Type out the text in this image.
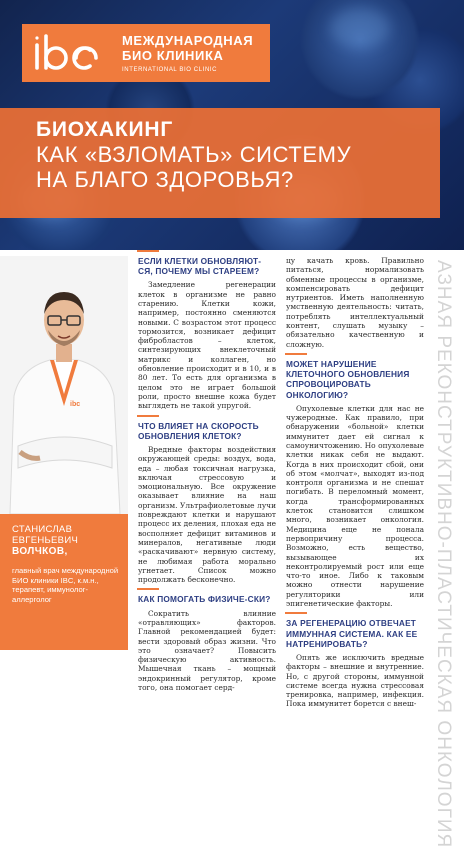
МЕЖДУНАРОДНАЯ
БИО КЛИНИКА
INTERNATIONAL BIO CLINIC
БИОХАКИНГ
КАК «ВЗЛОМАТЬ» СИСТЕМУ
НА БЛАГО ЗДОРОВЬЯ?
АЗНАЯ РЕКОНСТРУКТИВНО-ПЛАСТИЧЕСКАЯ ОНКОЛОГИЯ
ibc
СТАНИСЛАВ ЕВГЕНЬЕВИЧ
ВОЛЧКОВ,
главный врач международной БИО клиники IBC, к.м.н., терапевт, иммунолог-аллерголог
ЕСЛИ КЛЕТКИ ОБНОВЛЯЮТ-СЯ, ПОЧЕМУ МЫ СТАРЕЕМ?
Замедление регенерации клеток в организме не равно старению. Клетки кожи, например, постоянно сменяются новыми. С возрастом этот процесс тормозится, возникает дефицит фибробластов – клеток, синтезирующих внеклеточный матрикс и коллаген, но обновление происходит и в 10, и в 80 лет. То есть для организма в целом это не играет большой роли, просто внешне кожа будет выглядеть не такой упругой.
ЧТО ВЛИЯЕТ НА СКОРОСТЬ ОБНОВЛЕНИЯ КЛЕТОК?
Вредные факторы воздействия окружающей среды: воздух, вода, еда – любая токсичная нагрузка, включая стрессовую и эмоциональную. Все окружение оказывает влияние на наш организм. Ультрафиолетовые лучи повреждают клетки и нарушают процесс их деления, плохая еда не восполняет дефицит витаминов и минералов, негативные люди «раскачивают» нервную систему, не любимая работа морально угнетает. Список можно продолжать бесконечно.
КАК ПОМОГАТЬ ФИЗИЧЕ-СКИ?
Сократить влияние «отравляющих» факторов. Главной рекомендацией будет: вести здоровый образ жизни. Что это означает? Повысить физическую активность. Мышечная ткань – мощный эндокринный регулятор, кроме того, она помогает серд-
цу качать кровь. Правильно питаться, нормализовать обменные процессы в организме, компенсировать дефицит нутриентов. Иметь наполненную умственную деятельность: читать, потреблять интеллектуальный контент, слушать музыку – обязательно качественную и сложную.
МОЖЕТ НАРУШЕНИЕ КЛЕТОЧНОГО ОБНОВЛЕНИЯ СПРОВОЦИРОВАТЬ ОНКОЛОГИЮ?
Опухолевые клетки для нас не чужеродные. Как правило, при обнаружении «больной» клетки иммунитет дает ей сигнал к самоуничтожению. Но опухолевые клетки никак себя не выдают. Когда в них происходит сбой, они об этом «молчат», выходят из-под контроля организма и не спешат погибать. В переломный момент, когда трансформированных клеток становится слишком много, возникает онкология. Медицина еще не понала первопричину процесса. Возможно, есть вещество, вызывающее их неконтролируемый рост или еще что-то иное. Либо к таковым можно отнести нарушение регуляторики или эпигенетические факторы.
ЗА РЕГЕНЕРАЦИЮ ОТВЕЧАЕТ ИММУННАЯ СИСТЕМА. КАК ЕЕ НАТРЕНИРОВАТЬ?
Опять же исключить вредные факторы – внешние и внутренние. Но, с другой стороны, иммунной системе всегда нужна стрессовая тренировка, например, инфекция. Пока иммунитет борется с внеш-
